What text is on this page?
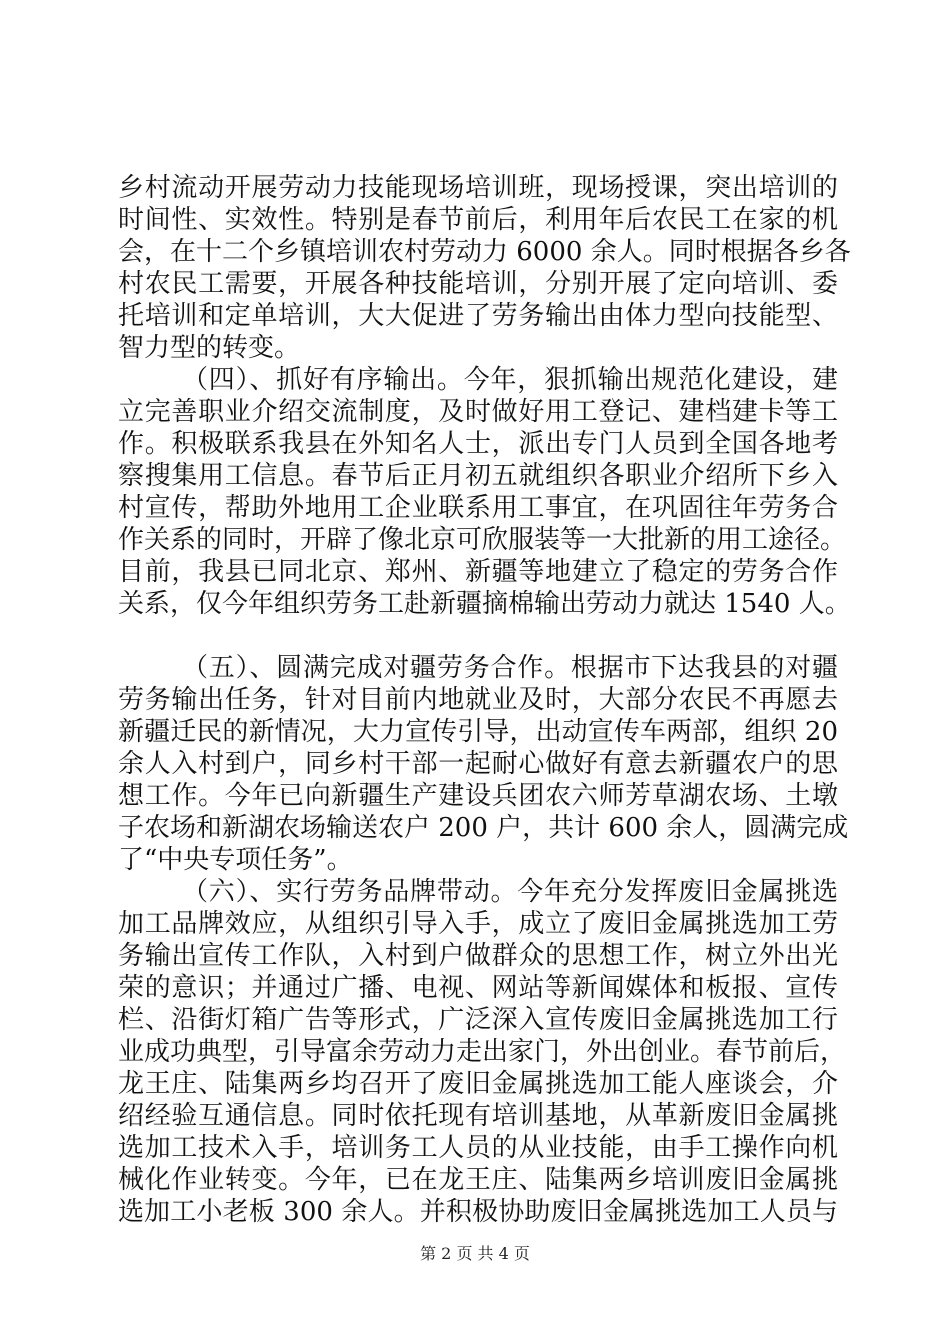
乡村流动开展劳动力技能现场培训班，现场授课，突出培训的
时间性、实效性。特别是春节前后，利用年后农民工在家的机
会，在十二个乡镇培训农村劳动力 6000 余人。同时根据各乡各
村农民工需要，开展各种技能培训，分别开展了定向培训、委
托培训和定单培训，大大促进了劳务输出由体力型向技能型、
智力型的转变。
（四）、抓好有序输出。今年，狠抓输出规范化建设，建
立完善职业介绍交流制度，及时做好用工登记、建档建卡等工
作。积极联系我县在外知名人士，派出专门人员到全国各地考
察搜集用工信息。春节后正月初五就组织各职业介绍所下乡入
村宣传，帮助外地用工企业联系用工事宜，在巩固往年劳务合
作关系的同时，开辟了像北京可欣服装等一大批新的用工途径。
目前，我县已同北京、郑州、新疆等地建立了稳定的劳务合作
关系，仅今年组织劳务工赴新疆摘棉输出劳动力就达 1540 人。
（五）、圆满完成对疆劳务合作。根据市下达我县的对疆
劳务输出任务，针对目前内地就业及时，大部分农民不再愿去
新疆迁民的新情况，大力宣传引导，出动宣传车两部，组织 20
余人入村到户，同乡村干部一起耐心做好有意去新疆农户的思
想工作。今年已向新疆生产建设兵团农六师芳草湖农场、土墩
子农场和新湖农场输送农户 200 户，共计 600 余人，圆满完成
了“中央专项任务”。
（六）、实行劳务品牌带动。今年充分发挥废旧金属挑选
加工品牌效应，从组织引导入手，成立了废旧金属挑选加工劳
务输出宣传工作队，入村到户做群众的思想工作，树立外出光
荣的意识；并通过广播、电视、网站等新闻媒体和板报、宣传
栏、沿街灯箱广告等形式，广泛深入宣传废旧金属挑选加工行
业成功典型，引导富余劳动力走出家门，外出创业。春节前后，
龙王庄、陆集两乡均召开了废旧金属挑选加工能人座谈会，介
绍经验互通信息。同时依托现有培训基地，从革新废旧金属挑
选加工技术入手，培训务工人员的从业技能，由手工操作向机
械化作业转变。今年，已在龙王庄、陆集两乡培训废旧金属挑
选加工小老板 300 余人。并积极协助废旧金属挑选加工人员与
第 2 页 共 4 页
